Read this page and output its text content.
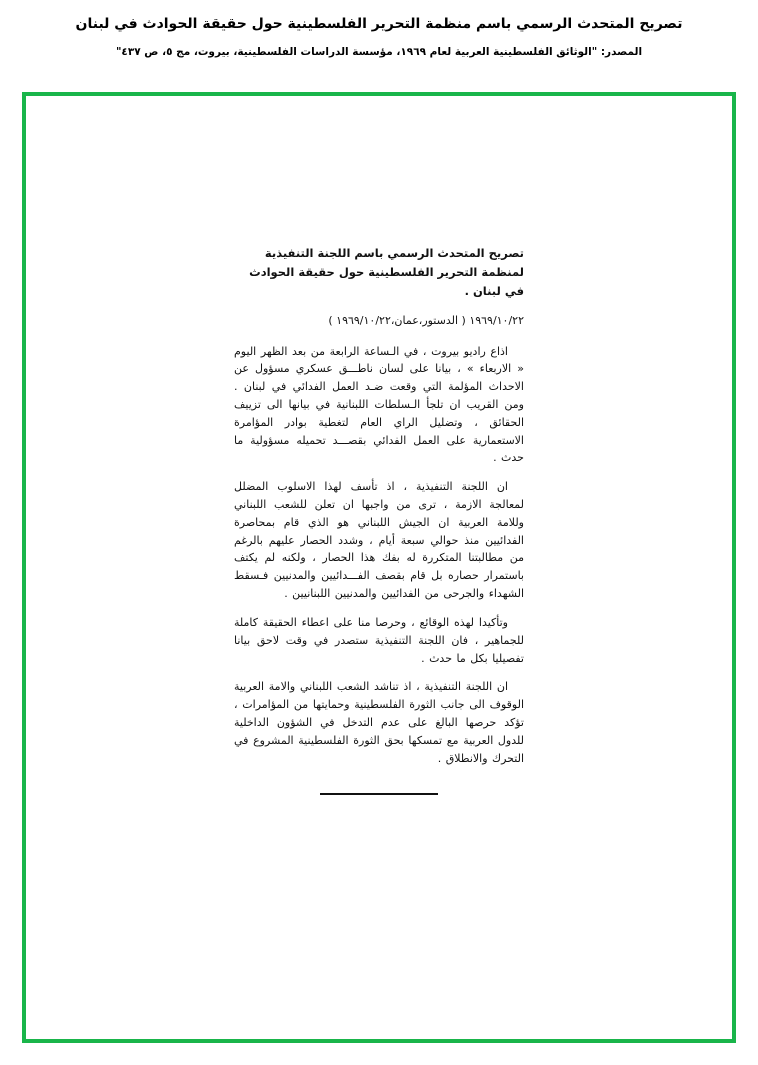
تصريح المتحدث الرسمي باسم منظمة التحرير الفلسطينية حول حقيقة الحوادث في لبنان
المصدر: "الوثائق الفلسطينية العربية لعام ١٩٦٩، مؤسسة الدراسات الفلسطينية، بيروت، مج ٥، ص ٤٣٧"
تصريح المتحدث الرسمي باسم اللجنة التنفيذية لمنظمة التحرير الفلسطينية حول حقيقة الحوادث في لبنان .
١٩٦٩/١٠/٢٢ ( الدستور،عمان،١٩٦٩/١٠/٢٢ )

اذاع راديو بيروت ، في الـساعة الرابعة من بعد الظهر اليوم « الاربعاء » ، بيانا على لسان ناطـــق عسكري مسؤول عن الاحداث المؤلمة التي وقعت ضـد العمل الفدائي في لبنان . ومن القريب ان تلجأ الـسلطات اللبنانية في بيانها الى تزييف الحقائق ، وتضليل الراي العام لتغطية بوادر المؤامرة الاستعمارية على العمل الفدائي بقصـــد تحميله مسؤولية ما حدث .

ان اللجنة التنفيذية ، اذ تأسف لهذا الاسلوب المضلل لمعالجة الازمة ، ترى من واجبها ان تعلن للشعب اللبناني وللامة العربية ان الجيش اللبناني هو الذي قام بمحاصرة الفدائيين منذ حوالي سبعة أيام ، وشدد الحصار عليهم بالرغم من مطالبتنا المتكررة له بفك هذا الحصار ، ولكنه لم يكتف باستمرار حصاره بل قام بقصف الفـــدائيين والمدنيين فـسقط الشهداء والجرحى من الفدائيين والمدنيين اللبنانيين .

وتأكيدا لهذه الوقائع ، وحرصا منا على اعطاء الحقيقة كاملة للجماهير ، فان اللجنة التنفيذية ستصدر في وقت لاحق بيانا تفصيليا بكل ما حدث .

ان اللجنة التنفيذية ، اذ تناشد الشعب اللبناني والامة العربية الوقوف الى جانب الثورة الفلسطينية وحمايتها من المؤامرات ، تؤكد حرصها البالغ على عدم التدخل في الشؤون الداخلية للدول العربية مع تمسكها بحق الثورة الفلسطينية المشروع في التحرك والانطلاق .
